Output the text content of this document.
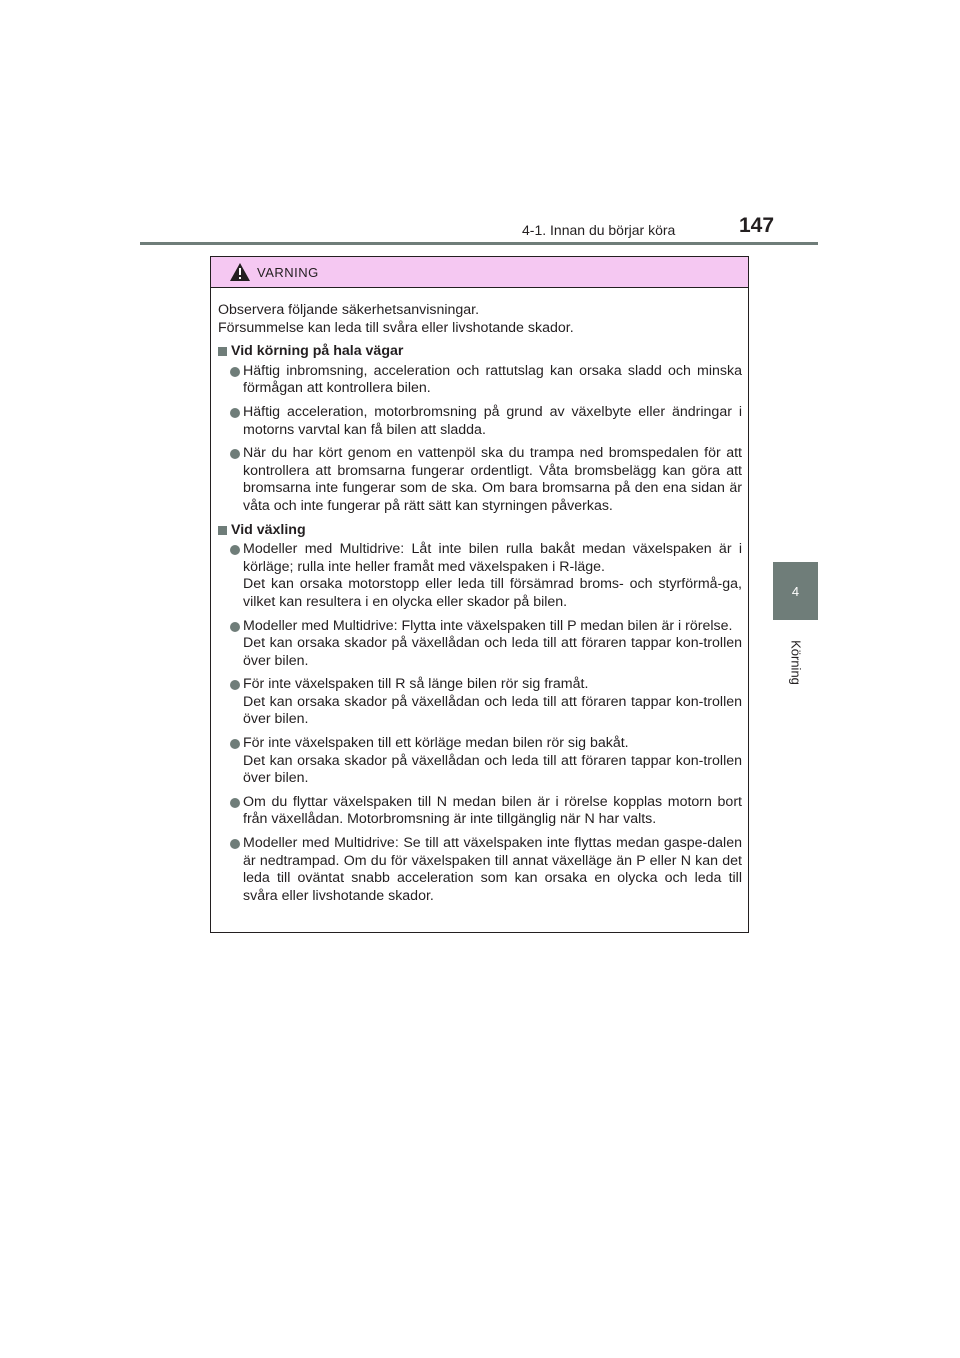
4-1. Innan du börjar köra	147
4
Körning
VARNING

Observera följande säkerhetsanvisningar.

Försummelse kan leda till svåra eller livshotande skador.

Vid körning på hala vägar
Häftig inbromsning, acceleration och rattutslag kan orsaka sladd och minska förmågan att kontrollera bilen.
Häftig acceleration, motorbromsning på grund av växelbyte eller ändringar i motorns varvtal kan få bilen att sladda.
När du har kört genom en vattenpöl ska du trampa ned bromspedalen för att kontrollera att bromsarna fungerar ordentligt. Våta bromsbelägg kan göra att bromsarna inte fungerar som de ska. Om bara bromsarna på den ena sidan är våta och inte fungerar på rätt sätt kan styrningen påverkas.
Vid växling
Modeller med Multidrive: Låt inte bilen rulla bakåt medan växelspaken är i körläge; rulla inte heller framåt med växelspaken i R-läge.
Det kan orsaka motorstopp eller leda till försämrad broms- och styrförmå-ga, vilket kan resultera i en olycka eller skador på bilen.
Modeller med Multidrive: Flytta inte växelspaken till P medan bilen är i rörelse.
Det kan orsaka skador på växellådan och leda till att föraren tappar kon-trollen över bilen.
För inte växelspaken till R så länge bilen rör sig framåt.
Det kan orsaka skador på växellådan och leda till att föraren tappar kon-trollen över bilen.
För inte växelspaken till ett körläge medan bilen rör sig bakåt.
Det kan orsaka skador på växellådan och leda till att föraren tappar kon-trollen över bilen.
Om du flyttar växelspaken till N medan bilen är i rörelse kopplas motorn bort från växellådan. Motorbromsning är inte tillgänglig när N har valts.
Modeller med Multidrive: Se till att växelspaken inte flyttas medan gaspe-dalen är nedtrampad. Om du för växelspaken till annat växelläge än P eller N kan det leda till oväntat snabb acceleration som kan orsaka en olycka och leda till svåra eller livshotande skador.
